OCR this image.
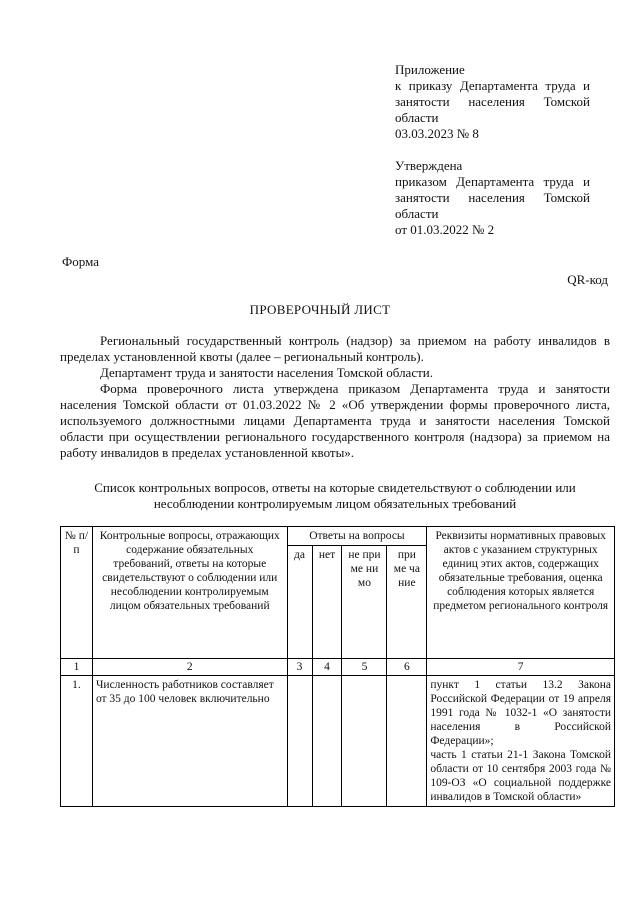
Приложение
к приказу Департамента труда и
занятости населения Томской
области
03.03.2023 № 8
Утверждена
приказом Департамента труда и
занятости населения Томской
области
от 01.03.2022 № 2
Форма
QR-код
ПРОВЕРОЧНЫЙ ЛИСТ

Региональный государственный контроль (надзор) за приемом на работу инвалидов в пределах установленной квоты (далее – региональный контроль).

Департамент труда и занятости населения Томской области.

Форма проверочного листа утверждена приказом Департамента труда и занятости населения Томской области от 01.03.2022 № 2 «Об утверждении формы проверочного листа, используемого должностными лицами Департамента труда и занятости населения Томской области при осуществлении регионального государственного контроля (надзора) за приемом на работу инвалидов в пределах установленной квоты».

Список контрольных вопросов, ответы на которые свидетельствуют о соблюдении или несоблюдении контролируемым лицом обязательных требований
№ п/п	Контрольные вопросы, отражающих содержание обязательных требований, ответы на которые свидетельствуют о соблюдении или несоблюдении контролируемым лицом обязательных требований	Ответы на вопросы				Реквизиты нормативных правовых актов с указанием структурных единиц этих актов, содержащих обязательные требования, оценка соблюдения которых является предметом регионального контроля
		да	нет	не при ме ни мо	при ме ча ние	
1	2	3	4	5	6	7
1.	Численность работников составляет от 35 до 100 человек включительно					пункт 1 статьи 13.2 Закона Российской Федерации от 19 апреля 1991 года № 1032-1 «О занятости населения в Российской Федерации»;
часть 1 статьи 21-1 Закона Томской области от 10 сентября 2003 года № 109-ОЗ «О социальной поддержке инвалидов в Томской области»
